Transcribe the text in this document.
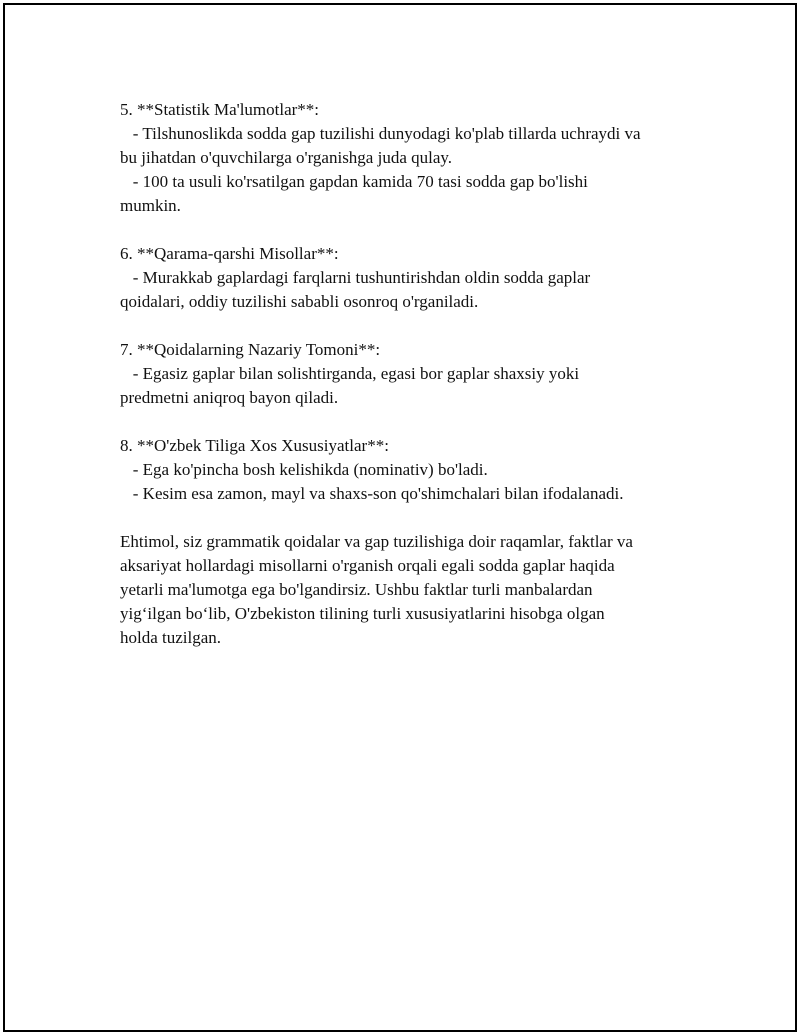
5. **Statistik Ma'lumotlar**:
- Tilshunoslikda sodda gap tuzilishi dunyodagi ko'plab tillarda uchraydi va
bu jihatdan o'quvchilarga o'rganishga juda qulay.
- 100 ta usuli ko'rsatilgan gapdan kamida 70 tasi sodda gap bo'lishi
mumkin.
6. **Qarama-qarshi Misollar**:
- Murakkab gaplardagi farqlarni tushuntirishdan oldin sodda gaplar
qoidalari, oddiy tuzilishi sababli osonroq o'rganiladi.
7. **Qoidalarning Nazariy Tomoni**:
- Egasiz gaplar bilan solishtirganda, egasi bor gaplar shaxsiy yoki
predmetni aniqroq bayon qiladi.
8. **O'zbek Tiliga Xos Xususiyatlar**:
- Ega ko'pincha bosh kelishikda (nominativ) bo'ladi.
- Kesim esa zamon, mayl va shaxs-son qo'shimchalari bilan ifodalanadi.
Ehtimol, siz grammatik qoidalar va gap tuzilishiga doir raqamlar, faktlar va
aksariyat hollardagi misollarni o'rganish orqali egali sodda gaplar haqida
yetarli ma'lumotga ega bo'lgandirsiz. Ushbu faktlar turli manbalardan
yig‘ilgan bo‘lib, O'zbekiston tilining turli xususiyatlarini hisobga olgan
holda tuzilgan.
